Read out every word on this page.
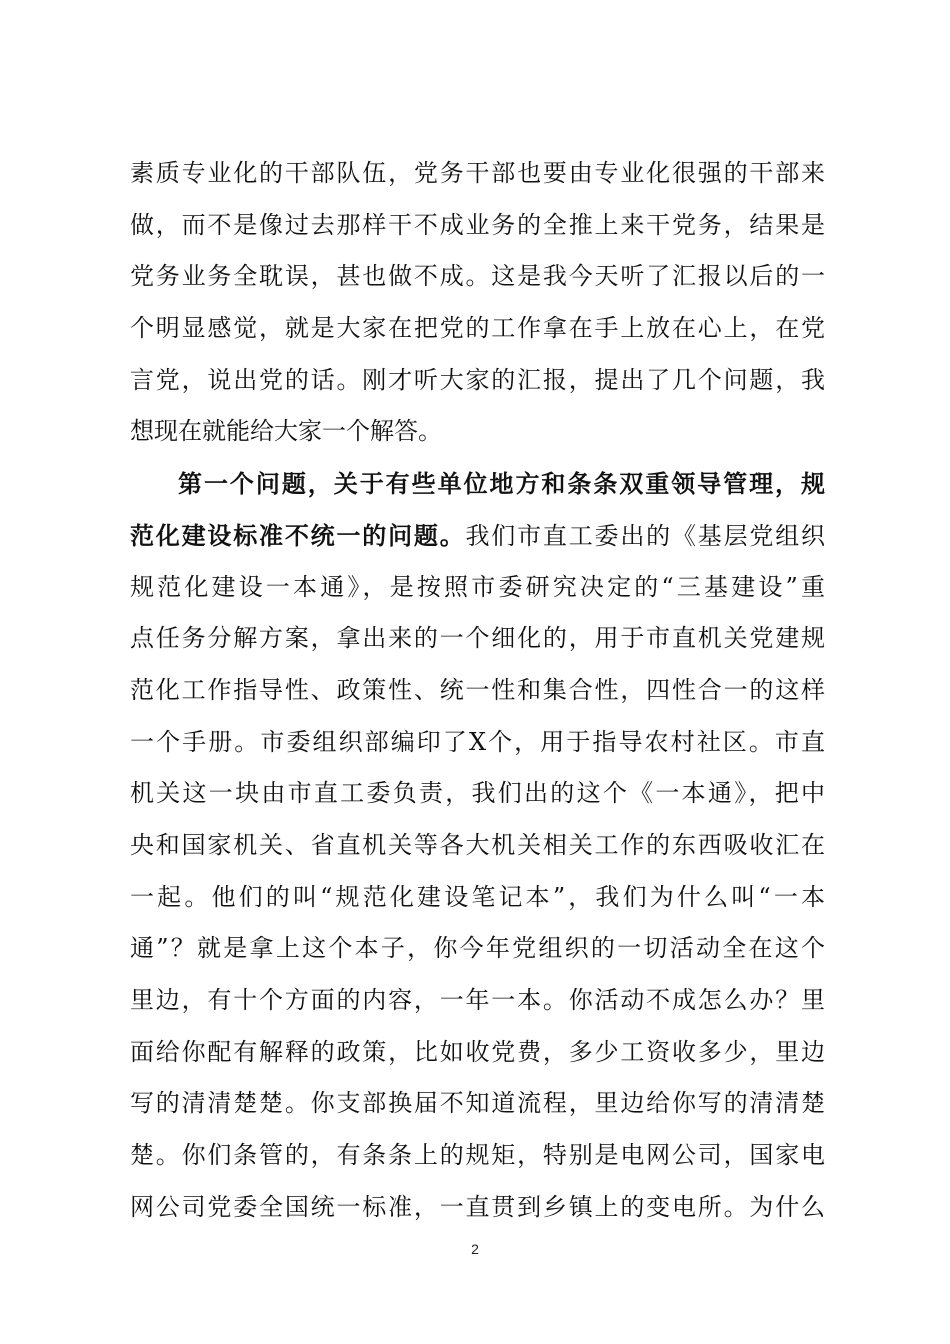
素质专业化的干部队伍，党务干部也要由专业化很强的干部来
做，而不是像过去那样干不成业务的全推上来干党务，结果是
党务业务全耽误，甚也做不成。这是我今天听了汇报以后的一
个明显感觉，就是大家在把党的工作拿在手上放在心上，在党
言党，说出党的话。刚才听大家的汇报，提出了几个问题，我
想现在就能给大家一个解答。
第一个问题，关于有些单位地方和条条双重领导管理，规
范化建设标准不统一的问题。我们市直工委出的《基层党组织
规范化建设一本通》，是按照市委研究决定的“三基建设”重
点任务分解方案，拿出来的一个细化的，用于市直机关党建规
范化工作指导性、政策性、统一性和集合性，四性合一的这样
一个手册。市委组织部编印了X个，用于指导农村社区。市直
机关这一块由市直工委负责，我们出的这个《一本通》，把中
央和国家机关、省直机关等各大机关相关工作的东西吸收汇在
一起。他们的叫“规范化建设笔记本”，我们为什么叫“一本
通”？就是拿上这个本子，你今年党组织的一切活动全在这个
里边，有十个方面的内容，一年一本。你活动不成怎么办？里
面给你配有解释的政策，比如收党费，多少工资收多少，里边
写的清清楚楚。你支部换届不知道流程，里边给你写的清清楚
楚。你们条管的，有条条上的规矩，特别是电网公司，国家电
网公司党委全国统一标准，一直贯到乡镇上的变电所。为什么
2
